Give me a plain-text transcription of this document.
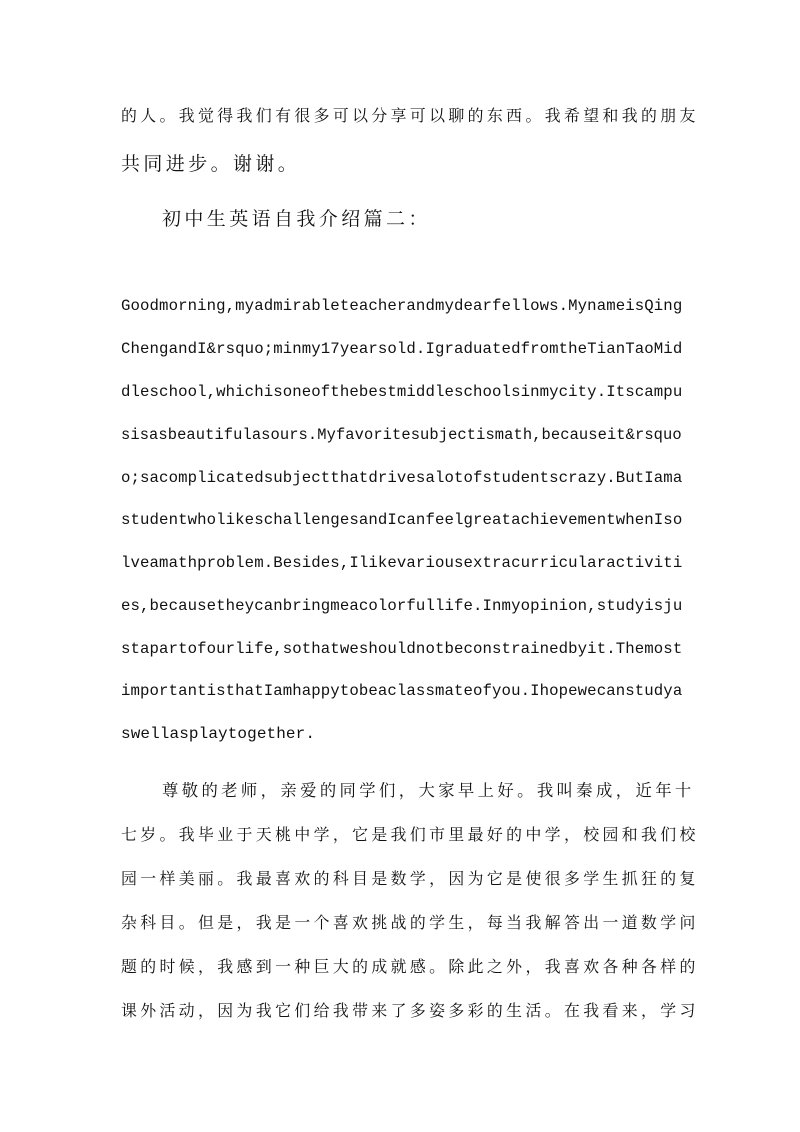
的人。我觉得我们有很多可以分享可以聊的东西。我希望和我的朋友
共同进步。谢谢。
初中生英语自我介绍篇二：
Goodmorning,myadmirableteacherandmydearfellows.MynameisQing
ChengandI&rsquo;minmy17yearsold.IgraduatedfromtheTianTaoMid
dleschool,whichisoneofthebestmiddleschoolsinmycity.Itscampu
sisasbeautifulasours.Myfavoritesubjectismath,becauseit&rsquo
o;sacomplicatedsubjectthatdrivesalotofstudentscrazy.ButIama
studentwholikeschallengesandIcanfeelgreatachievementwhenIso
lveamathproblem.Besides,Ilikevariousextracurricularactiviti
es,becausetheycanbringmeacolorfullife.Inmyopinion,studyisju
stapartofourlife,sothatweshouldnotbeconstrainedbyit.Themost
importantisthatIamhappytobeaclassmateofyou.Ihopewecanstudya
swellasplaytogether.
尊敬的老师，亲爱的同学们，大家早上好。我叫秦成，近年十
七岁。我毕业于天桃中学，它是我们市里最好的中学，校园和我们校
园一样美丽。我最喜欢的科目是数学，因为它是使很多学生抓狂的复
杂科目。但是，我是一个喜欢挑战的学生，每当我解答出一道数学问
题的时候，我感到一种巨大的成就感。除此之外，我喜欢各种各样的
课外活动，因为我它们给我带来了多姿多彩的生活。在我看来，学习
